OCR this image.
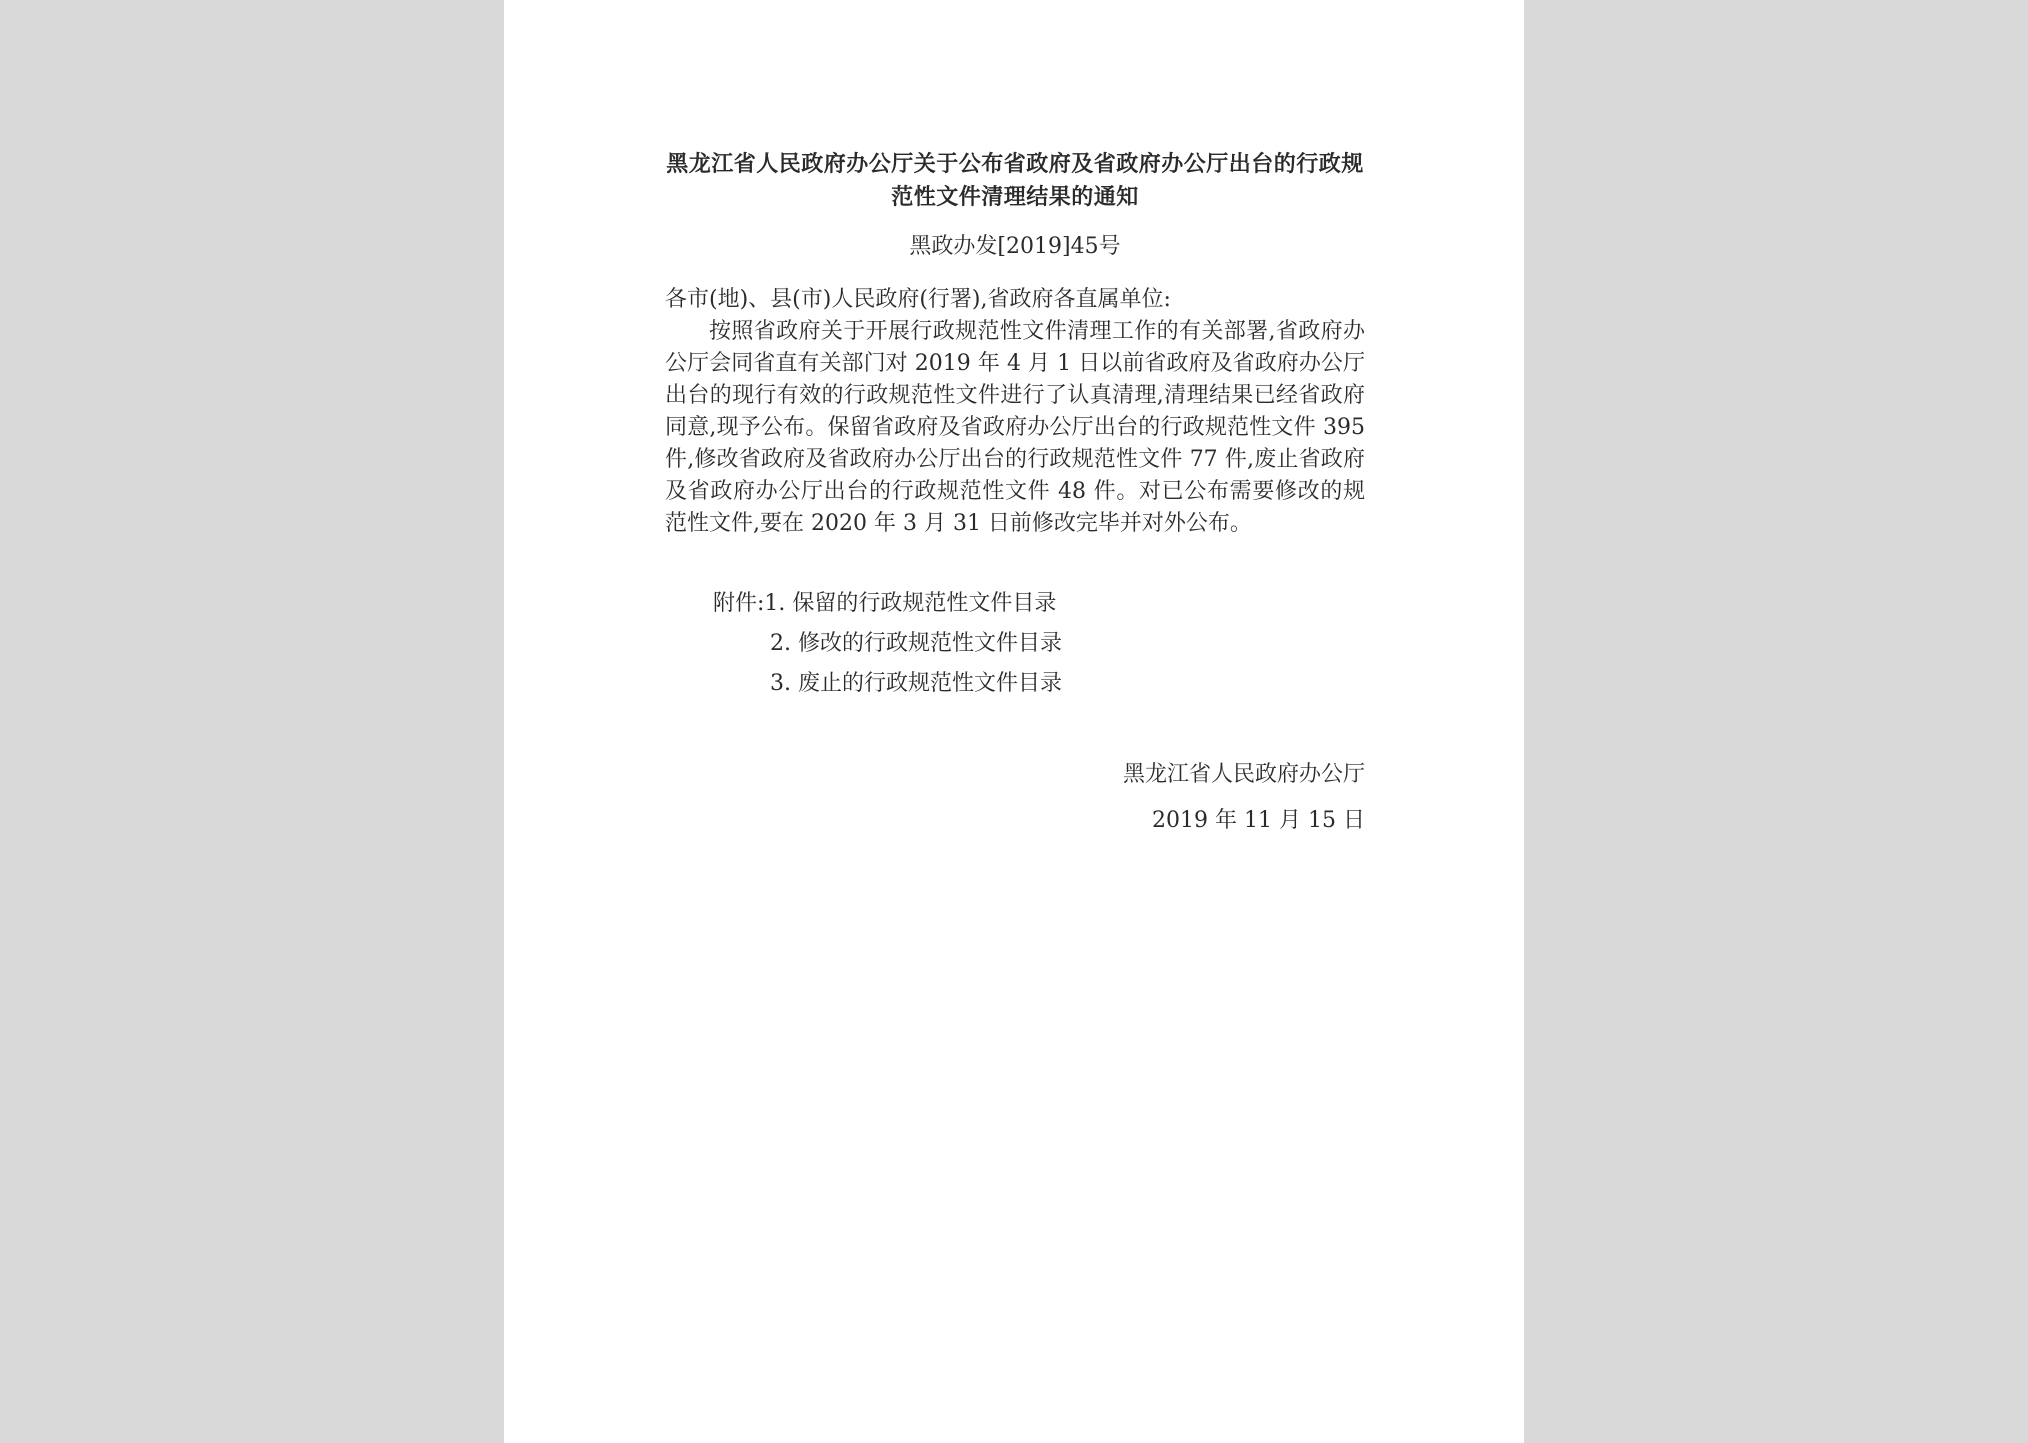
黑龙江省人民政府办公厅关于公布省政府及省政府办公厅出台的行政规范性文件清理结果的通知
黑政办发[2019]45号
各市(地)、县(市)人民政府(行署),省政府各直属单位:

按照省政府关于开展行政规范性文件清理工作的有关部署,省政府办公厅会同省直有关部门对 2019 年 4 月 1 日以前省政府及省政府办公厅出台的现行有效的行政规范性文件进行了认真清理,清理结果已经省政府同意,现予公布。保留省政府及省政府办公厅出台的行政规范性文件 395 件,修改省政府及省政府办公厅出台的行政规范性文件 77 件,废止省政府及省政府办公厅出台的行政规范性文件 48 件。对已公布需要修改的规范性文件,要在 2020 年 3 月 31 日前修改完毕并对外公布。

附件:1. 保留的行政规范性文件目录
2. 修改的行政规范性文件目录
3. 废止的行政规范性文件目录
黑龙江省人民政府办公厅
2019 年 11 月 15 日
